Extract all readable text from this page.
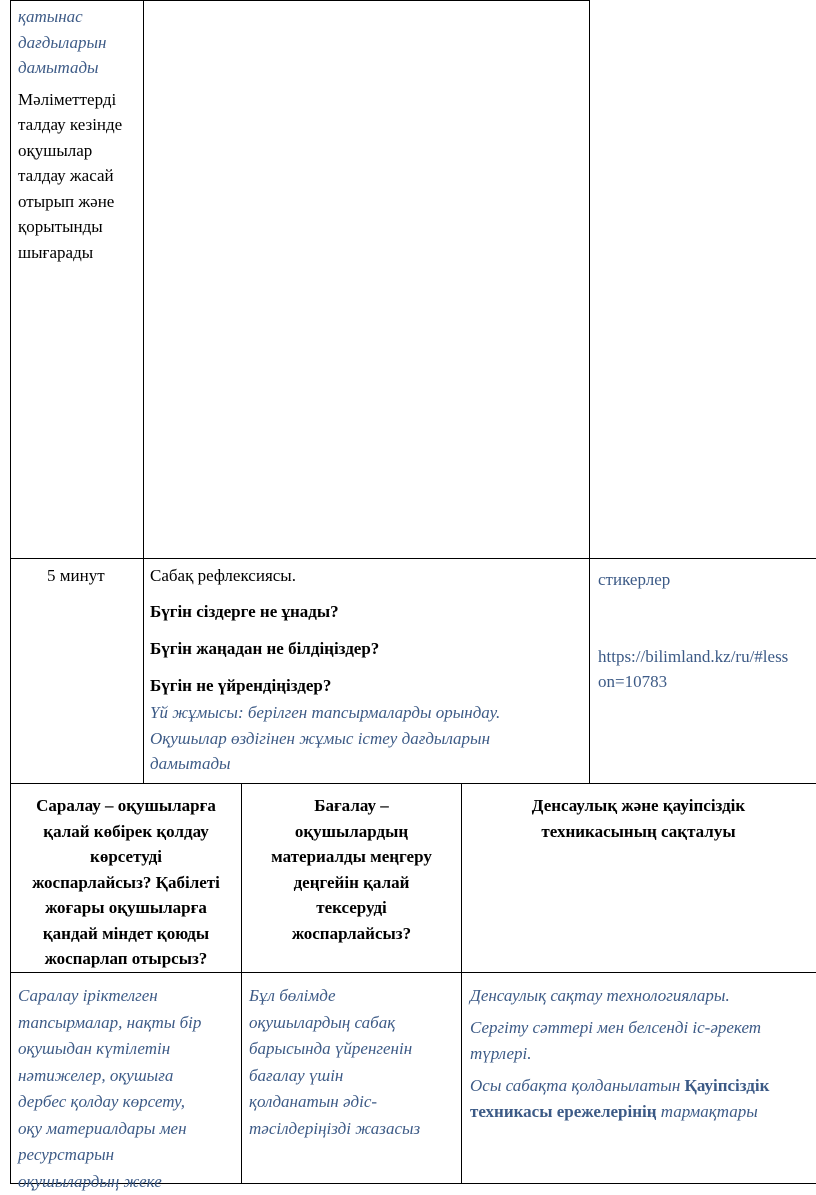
қатынас
дағдыларын
дамытады
Мәліметтерді
талдау кезінде
оқушылар
талдау жасай
отырып және
қорытынды
шығарады
5 минут	Сабақ рефлексиясы.
Бүгін сіздерге не ұнады?
Бүгін жаңадан не білдіңіздер?
Бүгін не үйрендіңіздер?
Үй жұмысы: берілген тапсырмаларды орындау.
Оқушылар өздігінен жұмыс істеу дағдыларын
дамытады
стикерлер
https://bilimland.kz/ru/#less
on=10783
Саралау – оқушыларға
қалай көбірек қолдау
көрсетуді
жоспарлайсыз? Қабілеті
жоғары оқушыларға
қандай міндет қоюды
жоспарлап отырсыз?
Бағалау –
оқушылардың
материалды меңгеру
деңгейін қалай
тексеруді
жоспарлайсыз?
Денсаулық және қауіпсіздік
техникасының сақталуы
Саралау іріктелген
тапсырмалар, нақты бір
оқушыдан күтілетін
нәтижелер, оқушыға
дербес қолдау көрсету,
оқу материалдары мен
ресурстарын
оқушылардың жеке
Бұл бөлімде
оқушылардың сабақ
барысында үйренгенін
бағалау үшін
қолданатын әдіс-
тәсілдеріңізді жазасыз
Денсаулық сақтау технологиялары.
Сергіту сәттері мен белсенді іс-әрекет
түрлері.
Осы сабақта қолданылатын Қауіпсіздік
техникасы ережелерінің тармақтары
